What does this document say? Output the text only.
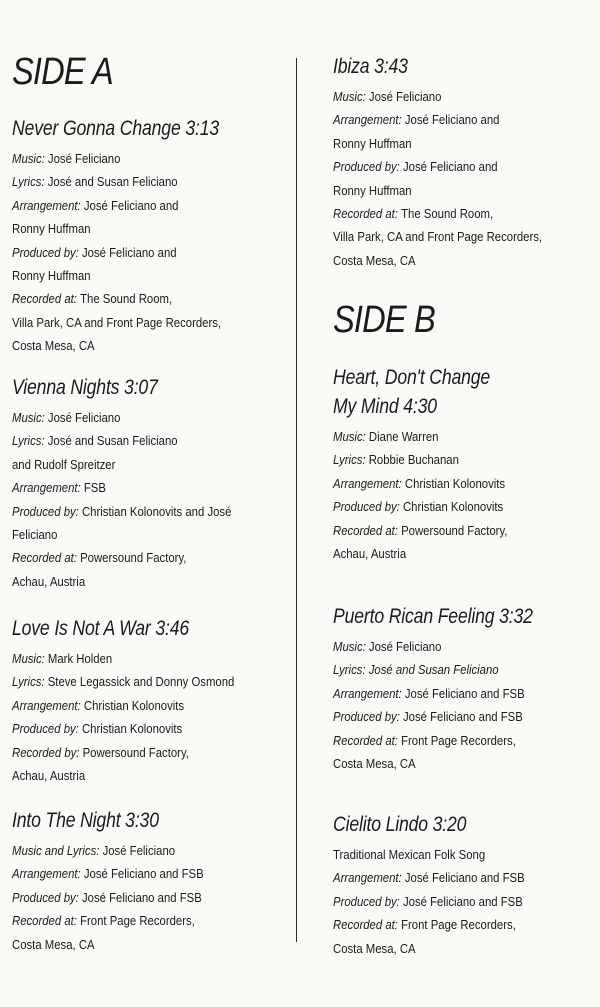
SIDE A
Never Gonna Change 3:13
Music: José Feliciano
Lyrics: José and Susan Feliciano
Arrangement: José Feliciano and
Ronny Huffman
Produced by: José Feliciano and
Ronny Huffman
Recorded at: The Sound Room,
Villa Park, CA and Front Page Recorders,
Costa Mesa, CA
Vienna Nights 3:07
Music: José Feliciano
Lyrics: José and Susan Feliciano
and Rudolf Spreitzer
Arrangement: FSB
Produced by: Christian Kolonovits and José
Feliciano
Recorded at: Powersound Factory,
Achau, Austria
Love Is Not A War 3:46
Music: Mark Holden
Lyrics: Steve Legassick and Donny Osmond
Arrangement: Christian Kolonovits
Produced by: Christian Kolonovits
Recorded by: Powersound Factory,
Achau, Austria
Into The Night 3:30
Music and Lyrics: José Feliciano
Arrangement: José Feliciano and FSB
Produced by: José Feliciano and FSB
Recorded at: Front Page Recorders,
Costa Mesa, CA
Ibiza 3:43
Music: José Feliciano
Arrangement: José Feliciano and
Ronny Huffman
Produced by: José Feliciano and
Ronny Huffman
Recorded at: The Sound Room,
Villa Park, CA and Front Page Recorders,
Costa Mesa, CA
SIDE B
Heart, Don't Change
My Mind 4:30
Music: Diane Warren
Lyrics: Robbie Buchanan
Arrangement: Christian Kolonovits
Produced by: Christian Kolonovits
Recorded at: Powersound Factory,
Achau, Austria
Puerto Rican Feeling 3:32
Music: José Feliciano
Lyrics: José and Susan Feliciano
Arrangement: José Feliciano and FSB
Produced by: José Feliciano and FSB
Recorded at: Front Page Recorders,
Costa Mesa, CA
Cielito Lindo 3:20
Traditional Mexican Folk Song
Arrangement: José Feliciano and FSB
Produced by: José Feliciano and FSB
Recorded at: Front Page Recorders,
Costa Mesa, CA
